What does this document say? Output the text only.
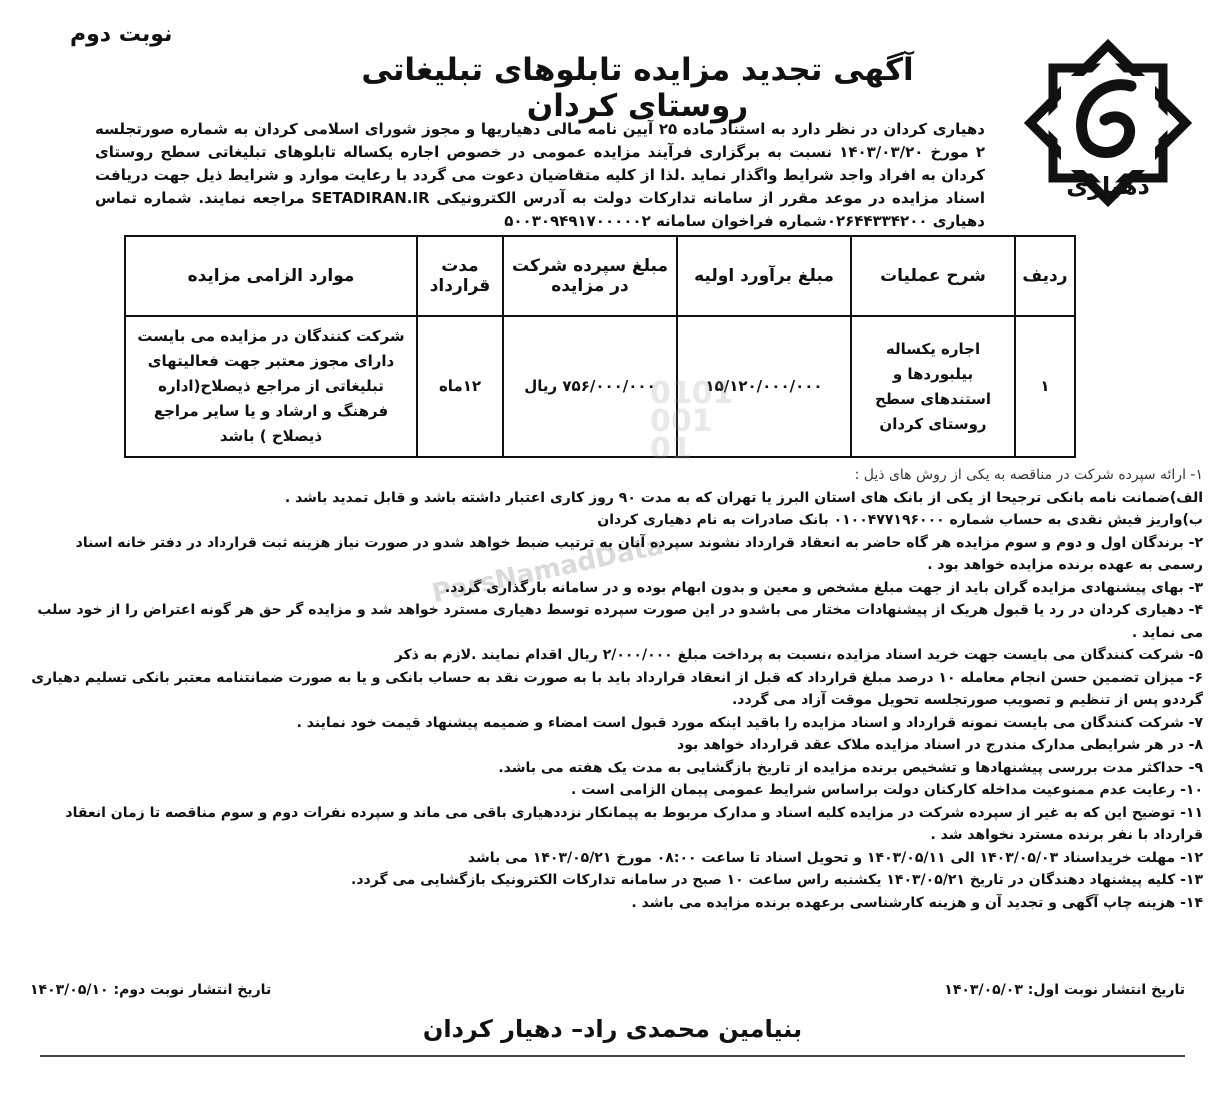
نوبت دوم
آگهی تجدید مزایده تابلوهای تبلیغاتی روستای کردان
دهیاری
دهیاری کردان در نظر دارد به استناد ماده ۲۵ آیین نامه مالی دهیاریها و مجوز شورای اسلامی کردان به شماره صورتجلسه ۲ مورخ ۱۴۰۳/۰۳/۲۰ نسبت به برگزاری فرآیند مزایده عمومی در خصوص اجاره یکساله تابلوهای تبلیغاتی سطح روستای کردان به افراد واجد شرایط واگذار نماید .لذا از کلیه متقاضیان دعوت می گردد با رعایت موارد و شرایط ذیل جهت دریافت اسناد مزایده در موعد مقرر از سامانه تدارکات دولت به آدرس الکترونیکی SETADIRAN.IR مراجعه نمایند. شماره تماس دهیاری ۰۲۶۴۴۳۳۴۲۰۰شماره فراخوان سامانه ۵۰۰۳۰۹۴۹۱۷۰۰۰۰۰۲
ردیف	شرح عملیات	مبلغ برآورد اولیه	مبلغ سپرده شرکت در مزایده	مدت قرارداد	موارد الزامی مزایده
۱	اجاره یکساله بیلبوردها و استندهای سطح روستای کردان	۱۵/۱۲۰/۰۰۰/۰۰۰	۷۵۶/۰۰۰/۰۰۰ ریال	۱۲ماه	شرکت کنندگان در مزایده می بایست دارای مجوز معتبر جهت فعالیتهای تبلیغاتی از مراجع ذیصلاح(اداره فرهنگ و ارشاد و یا سایر مراجع ذیصلاح ) باشد
0101
001
01
ParsNamadData
۱- ارائه سپرده شرکت در مناقصه به یکی از روش های ذیل :
الف)ضمانت نامه بانکی ترجیحا از یکی از بانک های استان البرز یا تهران که به مدت ۹۰ روز کاری اعتبار داشته باشد و قابل تمدید باشد .
ب)واریز فیش نقدی به حساب شماره ۰۱۰۰۴۷۷۱۹۶۰۰۰ بانک صادرات به نام دهیاری کردان
۲- برندگان اول و دوم و سوم مزایده هر گاه حاضر به انعقاد قرارداد نشوند سپرده آنان به ترتیب ضبط خواهد شدو در صورت نیاز هزینه ثبت قرارداد در دفتر خانه اسناد رسمی به عهده برنده مزایده خواهد بود .
۳- بهای پیشنهادی مزایده گران باید از جهت مبلغ مشخص و معین و بدون ابهام بوده و در سامانه بارگذاری گردد.
۴- دهیاری کردان در رد یا قبول هریک از پیشنهادات مختار می باشدو در این صورت سپرده توسط دهیاری مسترد خواهد شد و مزایده گر حق هر گونه اعتراض را از خود سلب می نماید .
۵- شرکت کنندگان می بایست جهت خرید اسناد مزایده ،نسبت به پرداخت مبلغ ۲/۰۰۰/۰۰۰ ریال اقدام نمایند .لازم به ذکر
۶- میزان تضمین حسن انجام معامله ۱۰ درصد مبلغ قرارداد که قبل از انعقاد قرارداد باید با به صورت نقد به حساب بانکی و یا به صورت ضمانتنامه معتبر بانکی تسلیم دهیاری گرددو پس از تنظیم و تصویب صورتجلسه تحویل موقت آزاد می گردد.
۷- شرکت کنندگان می بایست نمونه قرارداد و اسناد مزایده را باقید اینکه مورد قبول است امضاء و ضمیمه پیشنهاد قیمت خود نمایند .
۸- در هر شرایطی مدارک مندرج در اسناد مزایده ملاک عقد قرارداد خواهد بود
۹- حداکثر مدت بررسی پیشنهادها و تشخیص برنده مزایده از تاریخ بازگشایی به مدت یک هفته می باشد.
۱۰- رعایت عدم ممنوعیت مداخله کارکنان دولت براساس شرایط عمومی پیمان الزامی است .
۱۱- توضیح این که به غیر از سپرده شرکت در مزایده کلیه اسناد و مدارک مربوط به پیمانکار نزددهیاری باقی می ماند و سپرده نفرات دوم و سوم مناقصه تا زمان انعقاد قرارداد با نفر برنده مسترد نخواهد شد .
۱۲- مهلت خریداسناد ۱۴۰۳/۰۵/۰۳ الی ۱۴۰۳/۰۵/۱۱ و تحویل اسناد تا ساعت ۰۸:۰۰ مورخ ۱۴۰۳/۰۵/۲۱ می باشد
۱۳- کلیه پیشنهاد دهندگان در تاریخ ۱۴۰۳/۰۵/۲۱ یکشنبه راس ساعت ۱۰ صبح در سامانه تدارکات الکترونیک بازگشایی می گردد.
۱۴- هزینه چاپ آگهی و تجدید آن و هزینه کارشناسی برعهده برنده مزایده می باشد .
تاریخ انتشار نوبت اول: ۱۴۰۳/۰۵/۰۳
تاریخ انتشار نوبت دوم: ۱۴۰۳/۰۵/۱۰
بنیامین محمدی راد– دهیار کردان
